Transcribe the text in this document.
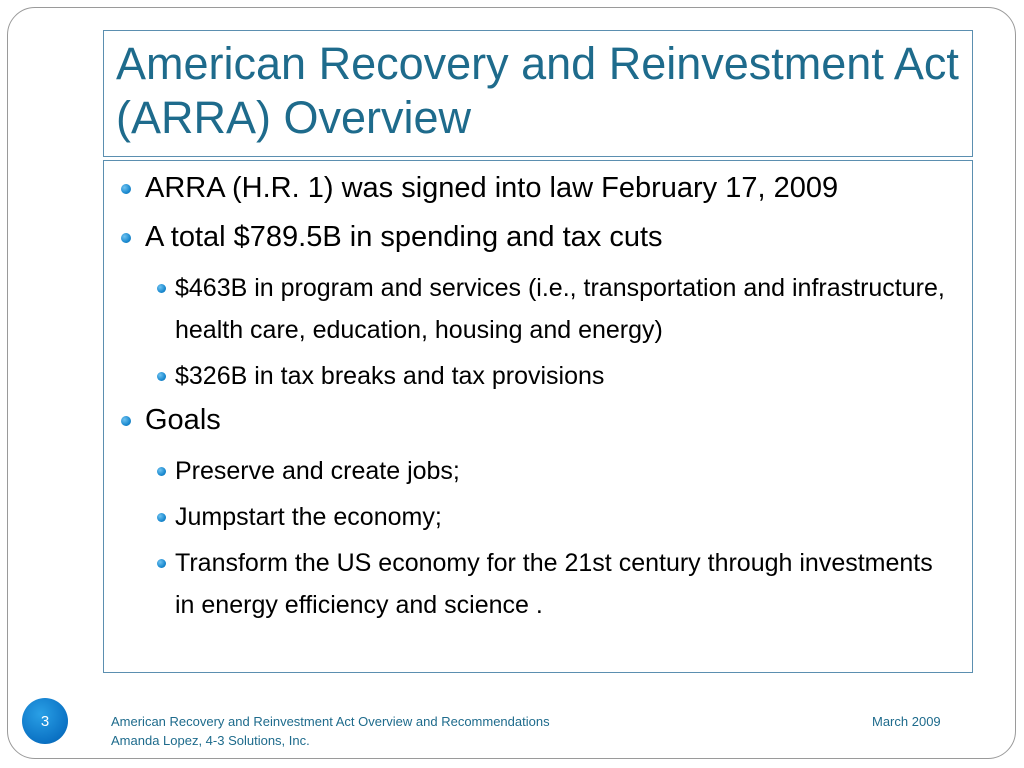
American Recovery and Reinvestment Act (ARRA) Overview
ARRA (H.R. 1) was signed into law February 17, 2009
A total $789.5B in spending and tax cuts
$463B in program and services (i.e., transportation and infrastructure, health care, education, housing and energy)
$326B in tax breaks and tax provisions
Goals
Preserve and create jobs;
Jumpstart the economy;
Transform the US economy for the 21st century through investments in energy efficiency and science .
3	American Recovery and Reinvestment Act Overview and Recommendations
Amanda Lopez, 4-3 Solutions, Inc.
March 2009
